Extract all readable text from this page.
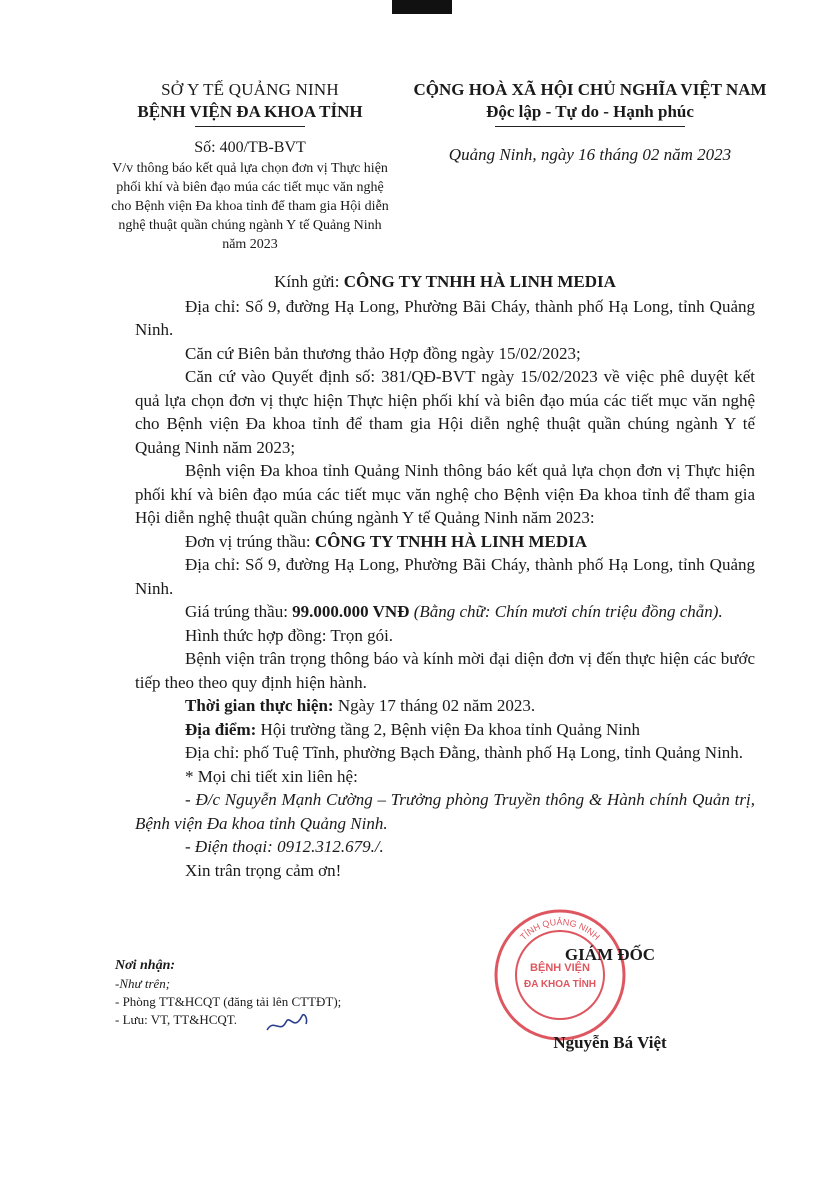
SỞ Y TẾ QUẢNG NINH
BỆNH VIỆN ĐA KHOA TỈNH
Số: 400/TB-BVT
V/v thông báo kết quả lựa chọn đơn vị Thực hiện phối khí và biên đạo múa các tiết mục văn nghệ cho Bệnh viện Đa khoa tỉnh để tham gia Hội diễn nghệ thuật quần chúng ngành Y tế Quảng Ninh năm 2023
CỘNG HOÀ XÃ HỘI CHỦ NGHĨA VIỆT NAM
Độc lập - Tự do - Hạnh phúc
Quảng Ninh, ngày 16 tháng 02 năm 2023

Kính gửi: CÔNG TY TNHH HÀ LINH MEDIA

Địa chỉ: Số 9, đường Hạ Long, Phường Bãi Cháy, thành phố Hạ Long, tỉnh Quảng Ninh.

Căn cứ Biên bản thương thảo Hợp đồng ngày 15/02/2023;

Căn cứ vào Quyết định số: 381/QĐ-BVT ngày 15/02/2023 về việc phê duyệt kết quả lựa chọn đơn vị thực hiện Thực hiện phối khí và biên đạo múa các tiết mục văn nghệ cho Bệnh viện Đa khoa tỉnh để tham gia Hội diễn nghệ thuật quần chúng ngành Y tế Quảng Ninh năm 2023;

Bệnh viện Đa khoa tỉnh Quảng Ninh thông báo kết quả lựa chọn đơn vị Thực hiện phối khí và biên đạo múa các tiết mục văn nghệ cho Bệnh viện Đa khoa tỉnh để tham gia Hội diễn nghệ thuật quần chúng ngành Y tế Quảng Ninh năm 2023:

Đơn vị trúng thầu: CÔNG TY TNHH HÀ LINH MEDIA

Địa chỉ: Số 9, đường Hạ Long, Phường Bãi Cháy, thành phố Hạ Long, tỉnh Quảng Ninh.

Giá trúng thầu: 99.000.000 VNĐ (Bằng chữ: Chín mươi chín triệu đồng chẵn).

Hình thức hợp đồng: Trọn gói.

Bệnh viện trân trọng thông báo và kính mời đại diện đơn vị đến thực hiện các bước tiếp theo theo quy định hiện hành.

Thời gian thực hiện: Ngày 17 tháng 02 năm 2023.

Địa điểm: Hội trường tầng 2, Bệnh viện Đa khoa tỉnh Quảng Ninh

Địa chỉ: phố Tuệ Tĩnh, phường Bạch Đằng, thành phố Hạ Long, tỉnh Quảng Ninh.

* Mọi chi tiết xin liên hệ:

- Đ/c Nguyễn Mạnh Cường – Trưởng phòng Truyền thông & Hành chính Quản trị, Bệnh viện Đa khoa tỉnh Quảng Ninh.

- Điện thoại: 0912.312.679./.

Xin trân trọng cảm ơn!

Nơi nhận:
-Như trên;
- Phòng TT&HCQT (đăng tải lên CTTĐT);
- Lưu: VT, TT&HCQT.
TỈNH QUẢNG NINH
BỆNH VIỆN
ĐA KHOA TỈNH
GIÁM ĐỐC
Nguyễn Bá Việt
